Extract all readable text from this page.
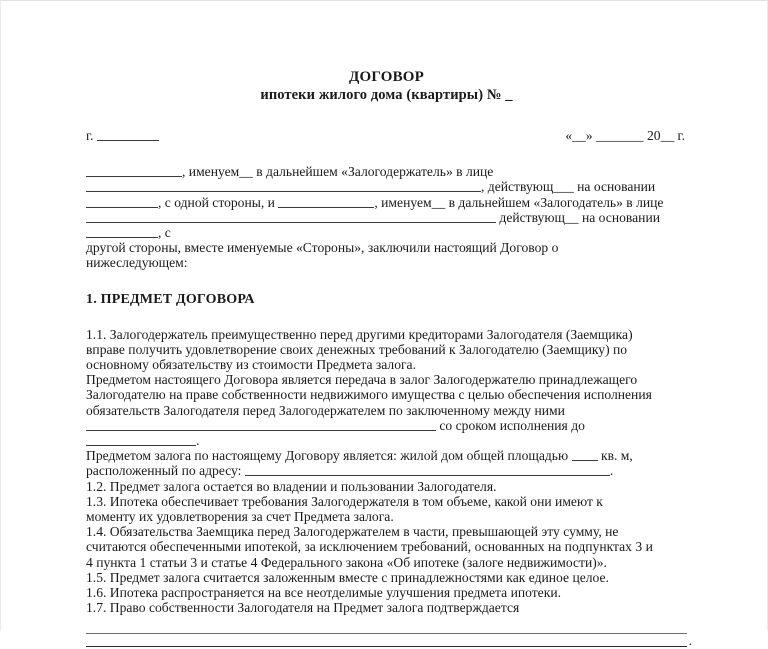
ДОГОВОР
ипотеки жилого дома (квартиры) № _
г.	«__» _______ 20__ г.
, именуем__ в дальнейшем «Залогодержатель» в лице
, действующ___ на основании
, с одной стороны, и	, именуем__ в дальнейшем «Залогодатель» в лице
действующ__ на основании , с
другой стороны, вместе именуемые «Стороны», заключили настоящий Договор о
нижеследующем:
1. ПРЕДМЕТ ДОГОВОРА
1.1. Залогодержатель преимущественно перед другими кредиторами Залогодателя (Заемщика)
вправе получить удовлетворение своих денежных требований к Залогодателю (Заемщику) по
основному обязательству из стоимости Предмета залога.
Предметом настоящего Договора является передача в залог Залогодержателю принадлежащего
Залогодателю на праве собственности недвижимого имущества с целью обеспечения исполнения
обязательств Залогодателя перед Залогодержателем по заключенному между ними
со сроком исполнения до .
Предметом залога по настоящему Договору является: жилой дом общей площадью  кв. м,
расположенный по адресу:	.
1.2. Предмет залога остается во владении и пользовании Залогодателя.
1.3. Ипотека обеспечивает требования Залогодержателя в том объеме, какой они имеют к
моменту их удовлетворения за счет Предмета залога.
1.4. Обязательства Заемщика перед Залогодержателем в части, превышающей эту сумму, не
считаются обеспеченными ипотекой, за исключением требований, основанных на подпунктах 3 и
4 пункта 1 статьи 3 и статье 4 Федерального закона «Об ипотеке (залоге недвижимости)».
1.5. Предмет залога считается заложенным вместе с принадлежностями как единое целое.
1.6. Ипотека распространяется на все неотделимые улучшения предмета ипотеки.
1.7. Право собственности Залогодателя на Предмет залога подтверждается
.
